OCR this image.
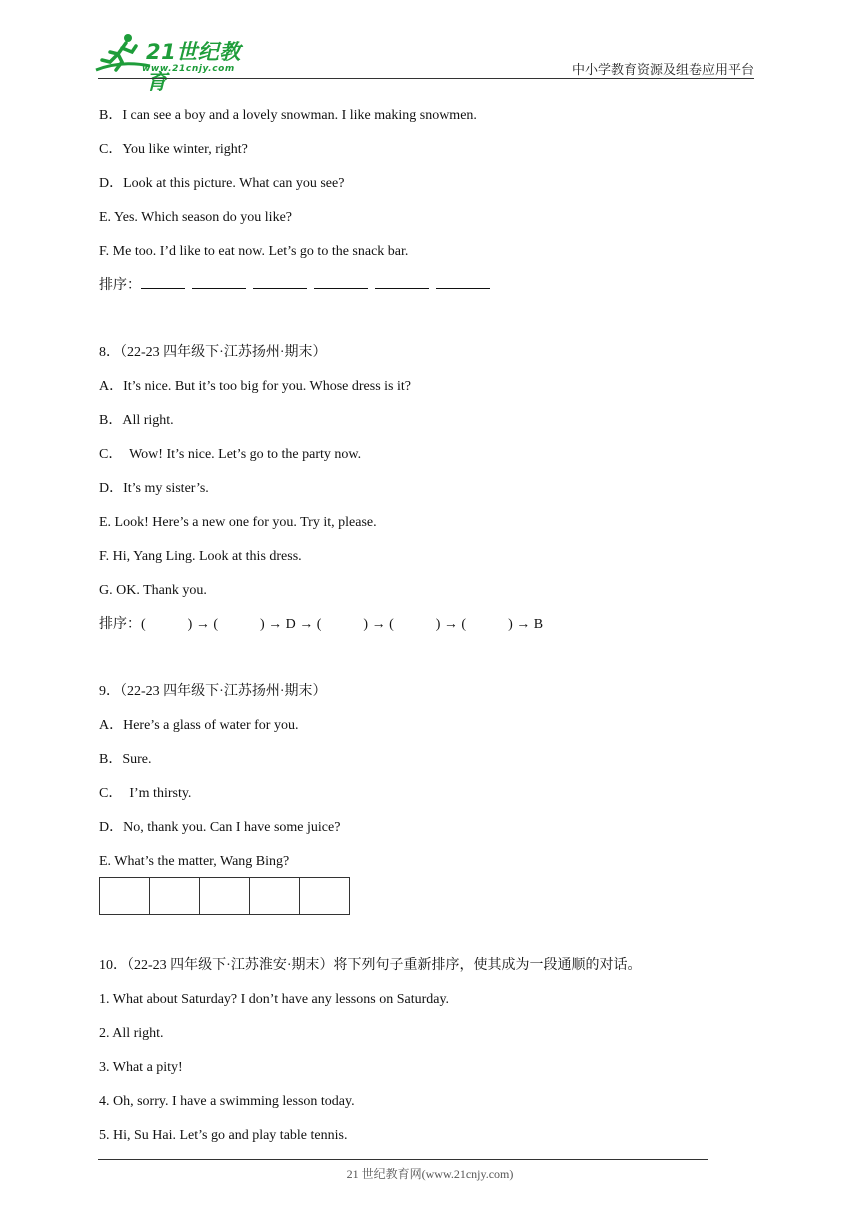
21世纪教育
www.21cnjy.com	中小学教育资源及组卷应用平台
B．I can see a boy and a lovely snowman. I like making snowmen.
C．You like winter, right?
D．Look at this picture. What can you see?
E. Yes. Which season do you like?
F. Me too. I’d like to eat now. Let’s go to the snack bar.
排序：
8．（22-23 四年级下·江苏扬州·期末）
A．It’s nice. But it’s too big for you. Whose dress is it?
B．All right.
C．  Wow! It’s nice. Let’s go to the party now.
D．It’s my sister’s.
E. Look! Here’s a new one for you. Try it, please.
F. Hi, Yang Ling. Look at this dress.
G. OK. Thank you.
排序：(            ) → (            ) → D → (            ) → (            ) → (            ) → B
9．（22-23 四年级下·江苏扬州·期末）
A．Here’s a glass of water for you.
B．Sure.
C．  I’m thirsty.
D．No, thank you. Can I have some juice?
E. What’s the matter, Wang Bing?

10．（22-23 四年级下·江苏淮安·期末）将下列句子重新排序，使其成为一段通顺的对话。
1. What about Saturday? I don’t have any lessons on Saturday.
2. All right.
3. What a pity!
4. Oh, sorry. I have a swimming lesson today.
5. Hi, Su Hai. Let’s go and play table tennis.
21 世纪教育网(www.21cnjy.com)
